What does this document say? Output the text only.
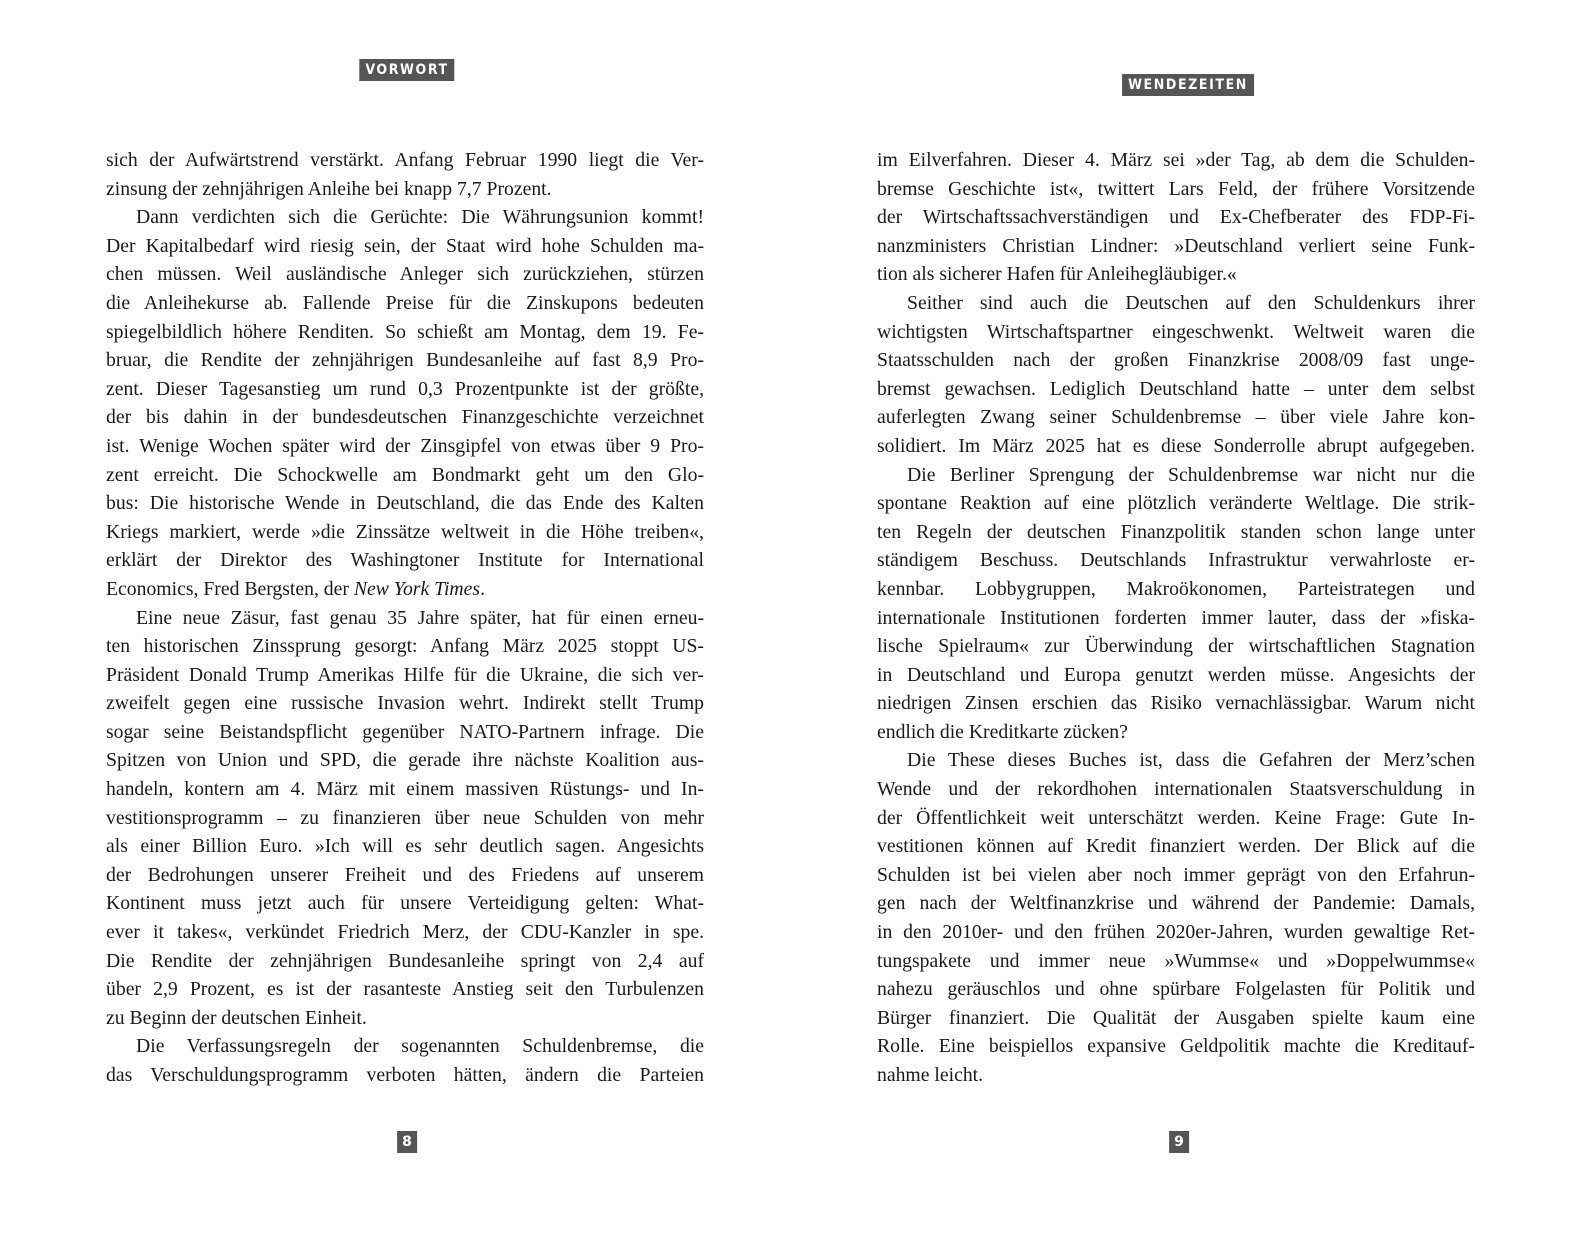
VORWORT
sich der Aufwärtstrend verstärkt. Anfang Februar 1990 liegt die Ver-
zinsung der zehnjährigen Anleihe bei knapp 7,7 Prozent.
Dann verdichten sich die Gerüchte: Die Währungsunion kommt!
Der Kapitalbedarf wird riesig sein, der Staat wird hohe Schulden ma-
chen müssen. Weil ausländische Anleger sich zurückziehen, stürzen
die Anleihekurse ab. Fallende Preise für die Zinskupons bedeuten
spiegelbildlich höhere Renditen. So schießt am Montag, dem 19. Fe-
bruar, die Rendite der zehnjährigen Bundesanleihe auf fast 8,9 Pro-
zent. Dieser Tagesanstieg um rund 0,3 Prozentpunkte ist der größte,
der bis dahin in der bundesdeutschen Finanzgeschichte verzeichnet
ist. Wenige Wochen später wird der Zinsgipfel von etwas über 9 Pro-
zent erreicht. Die Schockwelle am Bondmarkt geht um den Glo-
bus: Die historische Wende in Deutschland, die das Ende des Kalten
Kriegs markiert, werde »die Zinssätze weltweit in die Höhe treiben«,
erklärt der Direktor des Washingtoner Institute for International
Economics, Fred Bergsten, der New York Times.
Eine neue Zäsur, fast genau 35 Jahre später, hat für einen erneu-
ten historischen Zinssprung gesorgt: Anfang März 2025 stoppt US-
Präsident Donald Trump Amerikas Hilfe für die Ukraine, die sich ver-
zweifelt gegen eine russische Invasion wehrt. Indirekt stellt Trump
sogar seine Beistandspflicht gegenüber NATO-Partnern infrage. Die
Spitzen von Union und SPD, die gerade ihre nächste Koalition aus-
handeln, kontern am 4. März mit einem massiven Rüstungs- und In-
vestitionsprogramm – zu finanzieren über neue Schulden von mehr
als einer Billion Euro. »Ich will es sehr deutlich sagen. Angesichts
der Bedrohungen unserer Freiheit und des Friedens auf unserem
Kontinent muss jetzt auch für unsere Verteidigung gelten: What-
ever it takes«, verkündet Friedrich Merz, der CDU-Kanzler in spe.
Die Rendite der zehnjährigen Bundesanleihe springt von 2,4 auf
über 2,9 Prozent, es ist der rasanteste Anstieg seit den Turbulenzen
zu Beginn der deutschen Einheit.
Die Verfassungsregeln der sogenannten Schuldenbremse, die
das Verschuldungsprogramm verboten hätten, ändern die Parteien
8
WENDEZEITEN
im Eilverfahren. Dieser 4. März sei »der Tag, ab dem die Schulden-
bremse Geschichte ist«, twittert Lars Feld, der frühere Vorsitzende
der Wirtschaftssachverständigen und Ex-Chefberater des FDP-Fi-
nanzministers Christian Lindner: »Deutschland verliert seine Funk-
tion als sicherer Hafen für Anleihegläubiger.«
Seither sind auch die Deutschen auf den Schuldenkurs ihrer
wichtigsten Wirtschaftspartner eingeschwenkt. Weltweit waren die
Staatsschulden nach der großen Finanzkrise 2008/09 fast unge-
bremst gewachsen. Lediglich Deutschland hatte – unter dem selbst
auferlegten Zwang seiner Schuldenbremse – über viele Jahre kon-
solidiert. Im März 2025 hat es diese Sonderrolle abrupt aufgegeben.
Die Berliner Sprengung der Schuldenbremse war nicht nur die
spontane Reaktion auf eine plötzlich veränderte Weltlage. Die strik-
ten Regeln der deutschen Finanzpolitik standen schon lange unter
ständigem Beschuss. Deutschlands Infrastruktur verwahrloste er-
kennbar. Lobbygruppen, Makroökonomen, Parteistrategen und
internationale Institutionen forderten immer lauter, dass der »fiska-
lische Spielraum« zur Überwindung der wirtschaftlichen Stagnation
in Deutschland und Europa genutzt werden müsse. Angesichts der
niedrigen Zinsen erschien das Risiko vernachlässigbar. Warum nicht
endlich die Kreditkarte zücken?
Die These dieses Buches ist, dass die Gefahren der Merz’schen
Wende und der rekordhohen internationalen Staatsverschuldung in
der Öffentlichkeit weit unterschätzt werden. Keine Frage: Gute In-
vestitionen können auf Kredit finanziert werden. Der Blick auf die
Schulden ist bei vielen aber noch immer geprägt von den Erfahrun-
gen nach der Weltfinanzkrise und während der Pandemie: Damals,
in den 2010er- und den frühen 2020er-Jahren, wurden gewaltige Ret-
tungspakete und immer neue »Wummse« und »Doppelwummse«
nahezu geräuschlos und ohne spürbare Folgelasten für Politik und
Bürger finanziert. Die Qualität der Ausgaben spielte kaum eine
Rolle. Eine beispiellos expansive Geldpolitik machte die Kreditauf-
nahme leicht.
9
